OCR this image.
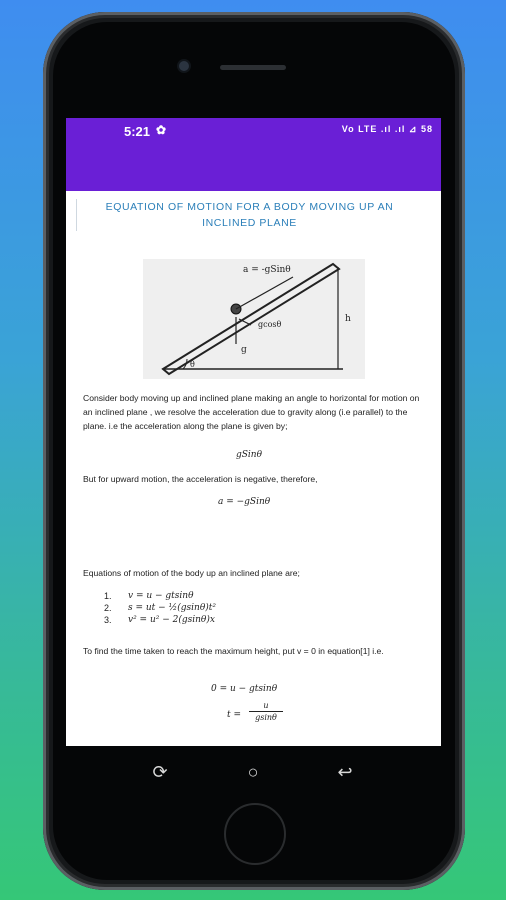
5:21 ✿	Vo LTE .ıl .ıl ⊿ 58
EQUATION OF MOTION FOR A BODY MOVING UP AN INCLINED PLANE
a = -gSinθ
gcosθ
g
h
θ
Consider body moving up and inclined plane making an angle to horizontal for motion on an inclined plane , we resolve the acceleration due to gravity along (i.e parallel) to the plane. i.e the acceleration along the plane is given by;
gSinθ
But for upward motion, the acceleration is negative, therefore,
a = −gSinθ
Equations of motion of the body up an inclined plane are;
1. v = u − gtsinθ
2. s = ut − ½(gsinθ)t²
3. v² = u² − 2(gsinθ)x
To find the time taken to reach the maximum height, put v = 0 in equation[1] i.e.
0 = u − gtsinθ
t =
u
gsinθ
⟳	○	↩
